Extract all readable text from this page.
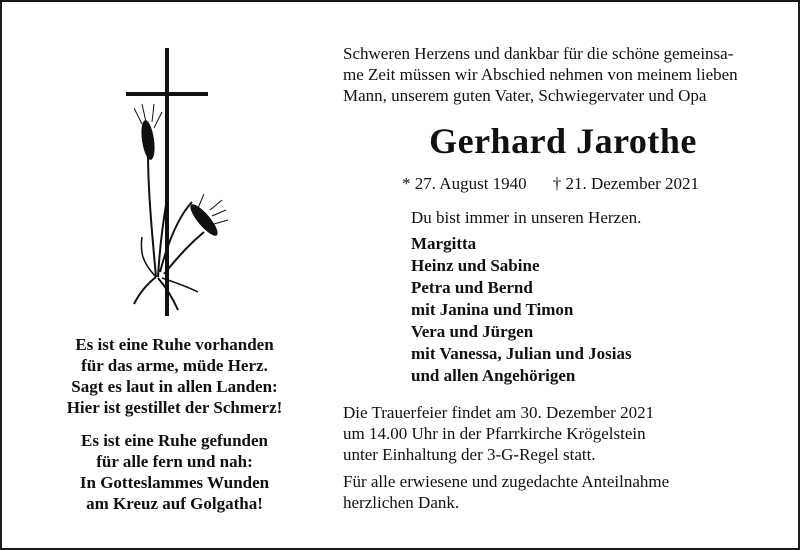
Es ist eine Ruhe vorhanden
für das arme, müde Herz.
Sagt es laut in allen Landen:
Hier ist gestillet der Schmerz!
Es ist eine Ruhe gefunden
für alle fern und nah:
In Gotteslammes Wunden
am Kreuz auf Golgatha!
Schweren Herzens und dankbar für die schöne gemeinsa-
me Zeit müssen wir Abschied nehmen von meinem lieben
Mann, unserem guten Vater, Schwiegervater und Opa
Gerhard Jarothe
* 27. August 1940 † 21. Dezember 2021
Du bist immer in unseren Herzen.
Margitta
Heinz und Sabine
Petra und Bernd
mit Janina und Timon
Vera und Jürgen
mit Vanessa, Julian und Josias
und allen Angehörigen
Die Trauerfeier findet am 30. Dezember 2021
um 14.00 Uhr in der Pfarrkirche Krögelstein
unter Einhaltung der 3-G-Regel statt.
Für alle erwiesene und zugedachte Anteilnahme
herzlichen Dank.
